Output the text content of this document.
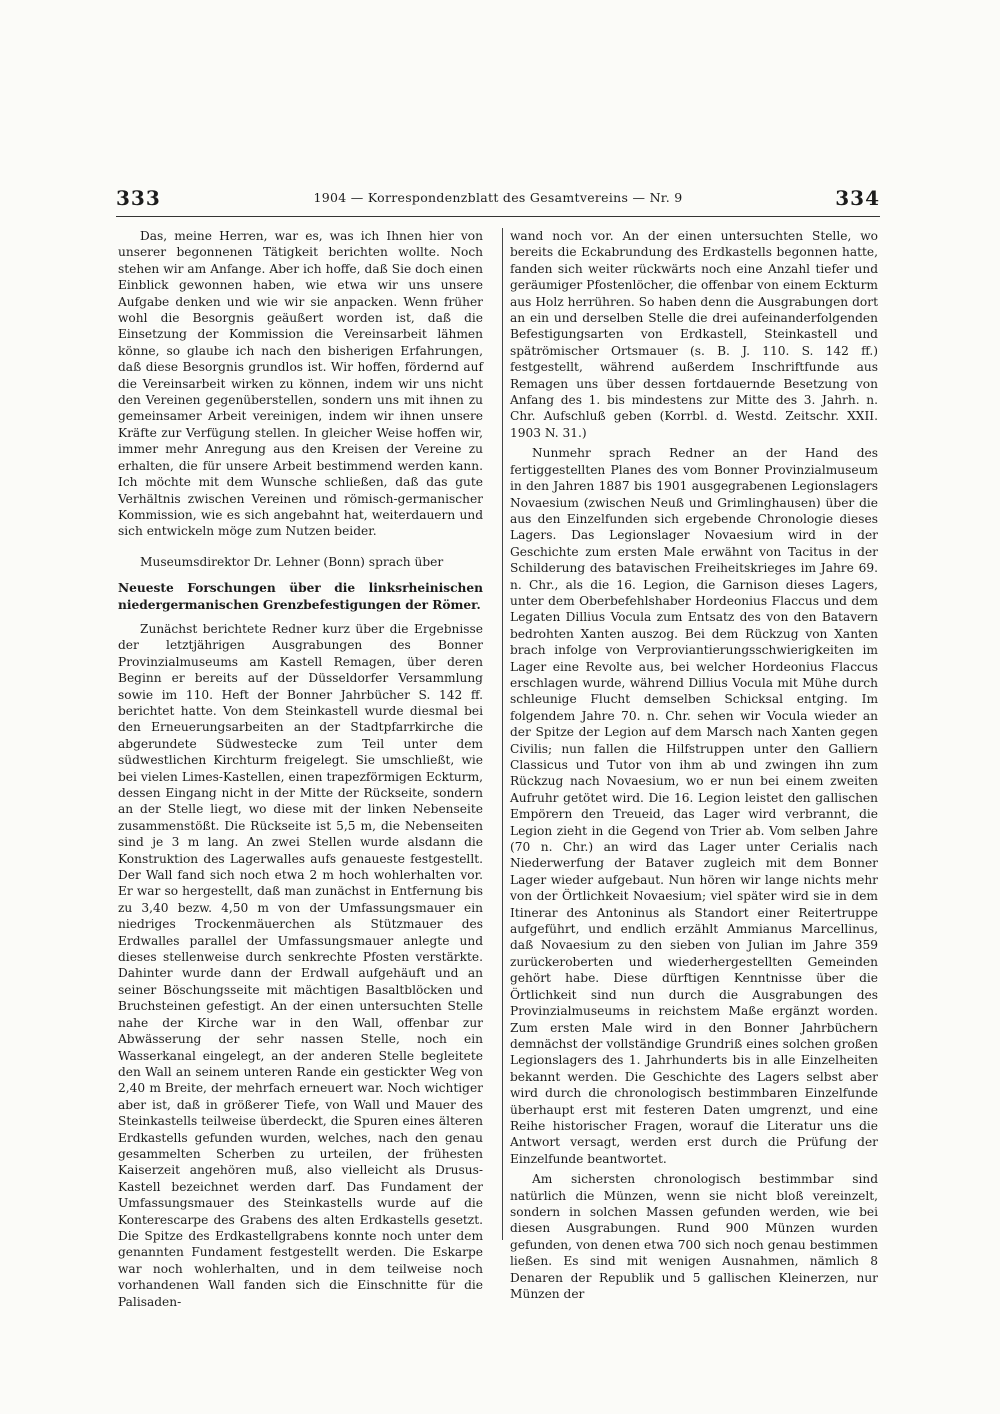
333	1904 — Korrespondenzblatt des Gesamtvereins — Nr. 9	334

Das, meine Herren, war es, was ich Ihnen hier von unserer begonnenen Tätigkeit berichten wollte. Noch stehen wir am Anfange. Aber ich hoffe, daß Sie doch einen Einblick gewonnen haben, wie etwa wir uns unsere Aufgabe denken und wie wir sie anpacken. Wenn früher wohl die Besorgnis geäußert worden ist, daß die Einsetzung der Kommission die Vereinsarbeit lähmen könne, so glaube ich nach den bisherigen Erfahrungen, daß diese Besorgnis grundlos ist. Wir hoffen, fördernd auf die Vereinsarbeit wirken zu können, indem wir uns nicht den Vereinen gegenüberstellen, sondern uns mit ihnen zu gemeinsamer Arbeit vereinigen, indem wir ihnen unsere Kräfte zur Verfügung stellen. In gleicher Weise hoffen wir, immer mehr Anregung aus den Kreisen der Vereine zu erhalten, die für unsere Arbeit bestimmend werden kann. Ich möchte mit dem Wunsche schließen, daß das gute Verhältnis zwischen Vereinen und römisch-germanischer Kommission, wie es sich angebahnt hat, weiterdauern und sich entwickeln möge zum Nutzen beider.

Museumsdirektor Dr. Lehner (Bonn) sprach über

Neueste Forschungen über die linksrheinischen niedergermanischen Grenzbefestigungen der Römer.

Zunächst berichtete Redner kurz über die Ergebnisse der letztjährigen Ausgrabungen des Bonner Provinzialmuseums am Kastell Remagen, über deren Beginn er bereits auf der Düsseldorfer Versammlung sowie im 110. Heft der Bonner Jahrbücher S. 142 ff. berichtet hatte. Von dem Steinkastell wurde diesmal bei den Erneuerungsarbeiten an der Stadtpfarrkirche die abgerundete Südwestecke zum Teil unter dem südwestlichen Kirchturm freigelegt. Sie umschließt, wie bei vielen Limes-Kastellen, einen trapezförmigen Eckturm, dessen Eingang nicht in der Mitte der Rückseite, sondern an der Stelle liegt, wo diese mit der linken Nebenseite zusammenstößt. Die Rückseite ist 5,5 m, die Nebenseiten sind je 3 m lang. An zwei Stellen wurde alsdann die Konstruktion des Lagerwalles aufs genaueste festgestellt. Der Wall fand sich noch etwa 2 m hoch wohlerhalten vor. Er war so hergestellt, daß man zunächst in Entfernung bis zu 3,40 bezw. 4,50 m von der Umfassungsmauer ein niedriges Trockenmäuerchen als Stützmauer des Erdwalles parallel der Umfassungsmauer anlegte und dieses stellenweise durch senkrechte Pfosten verstärkte. Dahinter wurde dann der Erdwall aufgehäuft und an seiner Böschungsseite mit mächtigen Basaltblöcken und Bruchsteinen gefestigt. An der einen untersuchten Stelle nahe der Kirche war in den Wall, offenbar zur Abwässerung der sehr nassen Stelle, noch ein Wasserkanal eingelegt, an der anderen Stelle begleitete den Wall an seinem unteren Rande ein gestickter Weg von 2,40 m Breite, der mehrfach erneuert war. Noch wichtiger aber ist, daß in größerer Tiefe, von Wall und Mauer des Steinkastells teilweise überdeckt, die Spuren eines älteren Erdkastells gefunden wurden, welches, nach den genau gesammelten Scherben zu urteilen, der frühesten Kaiserzeit angehören muß, also vielleicht als Drusus-Kastell bezeichnet werden darf. Das Fundament der Umfassungsmauer des Steinkastells wurde auf die Konterescarpe des Grabens des alten Erdkastells gesetzt. Die Spitze des Erdkastellgrabens konnte noch unter dem genannten Fundament festgestellt werden. Die Eskarpe war noch wohlerhalten, und in dem teilweise noch vorhandenen Wall fanden sich die Einschnitte für die Palisaden-

wand noch vor. An der einen untersuchten Stelle, wo bereits die Eckabrundung des Erdkastells begonnen hatte, fanden sich weiter rückwärts noch eine Anzahl tiefer und geräumiger Pfostenlöcher, die offenbar von einem Eckturm aus Holz herrühren. So haben denn die Ausgrabungen dort an ein und derselben Stelle die drei aufeinanderfolgenden Befestigungsarten von Erdkastell, Steinkastell und spätrömischer Ortsmauer (s. B. J. 110. S. 142 ff.) festgestellt, während außerdem Inschriftfunde aus Remagen uns über dessen fortdauernde Besetzung von Anfang des 1. bis mindestens zur Mitte des 3. Jahrh. n. Chr. Aufschluß geben (Korrbl. d. Westd. Zeitschr. XXII. 1903 N. 31.)

Nunmehr sprach Redner an der Hand des fertiggestellten Planes des vom Bonner Provinzialmuseum in den Jahren 1887 bis 1901 ausgegrabenen Legionslagers Novaesium (zwischen Neuß und Grimlinghausen) über die aus den Einzelfunden sich ergebende Chronologie dieses Lagers. Das Legionslager Novaesium wird in der Geschichte zum ersten Male erwähnt von Tacitus in der Schilderung des batavischen Freiheitskrieges im Jahre 69. n. Chr., als die 16. Legion, die Garnison dieses Lagers, unter dem Oberbefehlshaber Hordeonius Flaccus und dem Legaten Dillius Vocula zum Entsatz des von den Batavern bedrohten Xanten auszog. Bei dem Rückzug von Xanten brach infolge von Verproviantierungsschwierigkeiten im Lager eine Revolte aus, bei welcher Hordeonius Flaccus erschlagen wurde, während Dillius Vocula mit Mühe durch schleunige Flucht demselben Schicksal entging. Im folgendem Jahre 70. n. Chr. sehen wir Vocula wieder an der Spitze der Legion auf dem Marsch nach Xanten gegen Civilis; nun fallen die Hilfstruppen unter den Galliern Classicus und Tutor von ihm ab und zwingen ihn zum Rückzug nach Novaesium, wo er nun bei einem zweiten Aufruhr getötet wird. Die 16. Legion leistet den gallischen Empörern den Treueid, das Lager wird verbrannt, die Legion zieht in die Gegend von Trier ab. Vom selben Jahre (70 n. Chr.) an wird das Lager unter Cerialis nach Niederwerfung der Bataver zugleich mit dem Bonner Lager wieder aufgebaut. Nun hören wir lange nichts mehr von der Örtlichkeit Novaesium; viel später wird sie in dem Itinerar des Antoninus als Standort einer Reitertruppe aufgeführt, und endlich erzählt Ammianus Marcellinus, daß Novaesium zu den sieben von Julian im Jahre 359 zurückeroberten und wiederhergestellten Gemeinden gehört habe. Diese dürftigen Kenntnisse über die Örtlichkeit sind nun durch die Ausgrabungen des Provinzialmuseums in reichstem Maße ergänzt worden. Zum ersten Male wird in den Bonner Jahrbüchern demnächst der vollständige Grundriß eines solchen großen Legionslagers des 1. Jahrhunderts bis in alle Einzelheiten bekannt werden. Die Geschichte des Lagers selbst aber wird durch die chronologisch bestimmbaren Einzelfunde überhaupt erst mit festeren Daten umgrenzt, und eine Reihe historischer Fragen, worauf die Literatur uns die Antwort versagt, werden erst durch die Prüfung der Einzelfunde beantwortet.

Am sichersten chronologisch bestimmbar sind natürlich die Münzen, wenn sie nicht bloß vereinzelt, sondern in solchen Massen gefunden werden, wie bei diesen Ausgrabungen. Rund 900 Münzen wurden gefunden, von denen etwa 700 sich noch genau bestimmen ließen. Es sind mit wenigen Ausnahmen, nämlich 8 Denaren der Republik und 5 gallischen Kleinerzen, nur Münzen der
